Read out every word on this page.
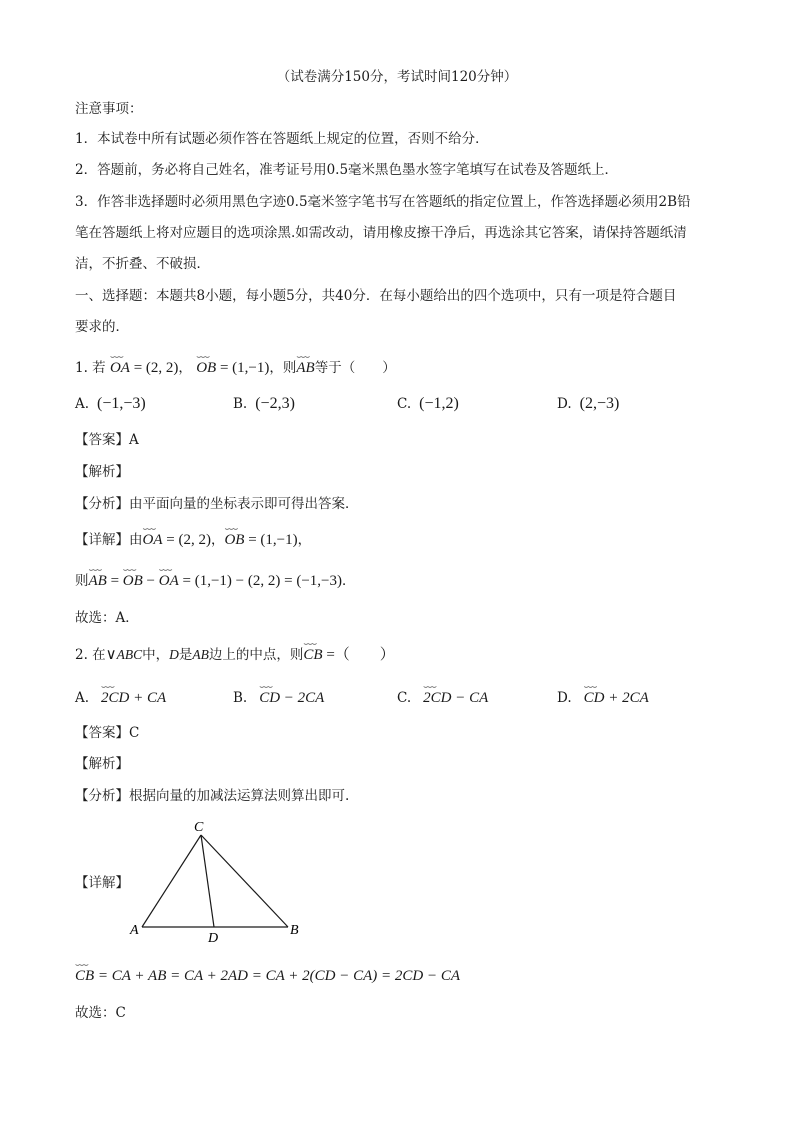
（试卷满分150分，考试时间120分钟）
注意事项：
1．本试卷中所有试题必须作答在答题纸上规定的位置，否则不给分．
2．答题前，务必将自己姓名，准考证号用0.5毫米黑色墨水签字笔填写在试卷及答题纸上．
3．作答非选择题时必须用黑色字迹0.5毫米签字笔书写在答题纸的指定位置上，作答选择题必须用2B铅
笔在答题纸上将对应题目的选项涂黑.如需改动，请用橡皮擦干净后，再选涂其它答案，请保持答题纸清
洁，不折叠、不破损．
一、选择题：本题共8小题，每小题5分，共40分．在每小题给出的四个选项中，只有一项是符合题目
要求的．
1. 若 ⌣⌣⌣ OA = (2, 2)， ⌣⌣⌣ OB = (1,−1)，则⌣⌣⌣ AB等于（　　）
A. (−1,−3)	B. (−2,3)	C. (−1,2)	D. (2,−3)
【答案】A
【解析】
【分析】由平面向量的坐标表示即可得出答案．
【详解】由⌣⌣⌣ OA = (2, 2)，⌣⌣⌣ OB = (1,−1)，
则⌣⌣⌣ AB = ⌣⌣⌣ OB − ⌣⌣⌣ OA = (1,−1) − (2, 2) = (−1,−3)．
故选：A．
2. 在∨ABC中，D是AB边上的中点，则⌣⌣⌣ CB =（　　）
A. ⌣⌣⌣ 2CD + CA	B. ⌣⌣⌣ CD − 2CA	C. ⌣⌣⌣ 2CD − CA	D. ⌣⌣⌣ CD + 2CA
【答案】C
【解析】
【分析】根据向量的加减法运算法则算出即可.
【详解】
C
A
D
B
⌣⌣⌣ CB = CA + AB = CA + 2AD = CA + 2(CD − CA) = 2CD − CA
故选：C
